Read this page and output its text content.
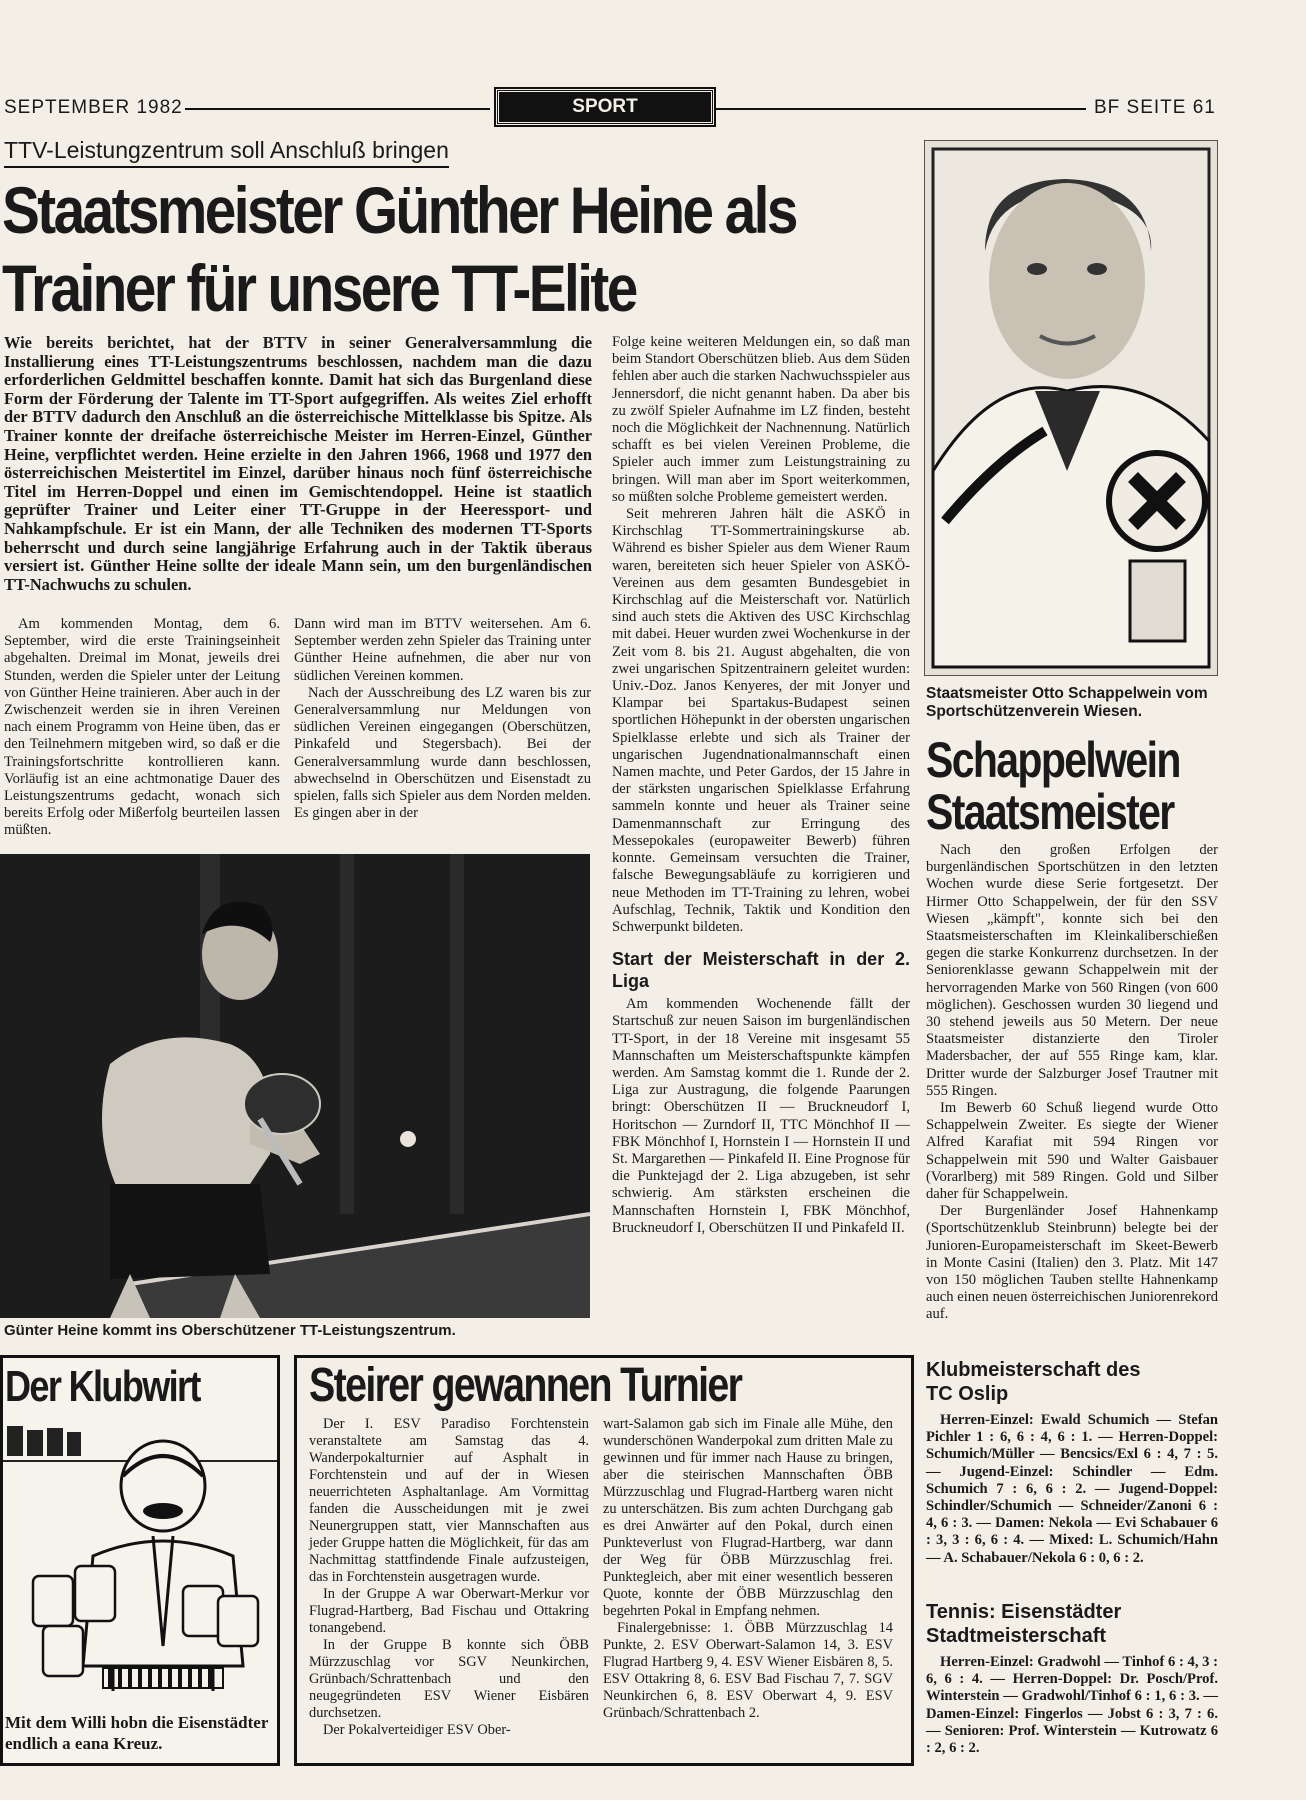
SEPTEMBER 1982	SPORT	BF SEITE 61
TTV-Leistungzentrum soll Anschluß bringen
Staatsmeister Günther Heine als
Trainer für unsere TT-Elite
Wie bereits berichtet, hat der BTTV in seiner Generalversammlung die Installierung eines TT-Leistungszentrums beschlossen, nachdem man die dazu erforderlichen Geldmittel beschaffen konnte. Damit hat sich das Burgenland diese Form der Förderung der Talente im TT-Sport aufgegriffen. Als weites Ziel erhofft der BTTV dadurch den Anschluß an die österreichische Mittelklasse bis Spitze. Als Trainer konnte der dreifache österreichische Meister im Herren-Einzel, Günther Heine, verpflichtet werden. Heine erzielte in den Jahren 1966, 1968 und 1977 den österreichischen Meistertitel im Einzel, darüber hinaus noch fünf österreichische Titel im Herren-Doppel und einen im Gemischtendoppel. Heine ist staatlich geprüfter Trainer und Leiter einer TT-Gruppe in der Heeressport- und Nahkampfschule. Er ist ein Mann, der alle Techniken des modernen TT-Sports beherrscht und durch seine langjährige Erfahrung auch in der Taktik überaus versiert ist. Günther Heine sollte der ideale Mann sein, um den burgenländischen TT-Nachwuchs zu schulen.

Am kommenden Montag, dem 6. September, wird die erste Trainingseinheit abgehalten. Dreimal im Monat, jeweils drei Stunden, werden die Spieler unter der Leitung von Günther Heine trainieren. Aber auch in der Zwischenzeit werden sie in ihren Vereinen nach einem Programm von Heine üben, das er den Teilnehmern mitgeben wird, so daß er die Trainingsfortschritte kontrollieren kann. Vorläufig ist an eine achtmonatige Dauer des Leistungszentrums gedacht, wonach sich bereits Erfolg oder Mißerfolg beurteilen lassen müßten.

Dann wird man im BTTV weitersehen. Am 6. September werden zehn Spieler das Training unter Günther Heine aufnehmen, die aber nur von südlichen Vereinen kommen.

Nach der Ausschreibung des LZ waren bis zur Generalversammlung nur Meldungen von südlichen Vereinen eingegangen (Oberschützen, Pinkafeld und Stegersbach). Bei der Generalversammlung wurde dann beschlossen, abwechselnd in Oberschützen und Eisenstadt zu spielen, falls sich Spieler aus dem Norden melden. Es gingen aber in der

Folge keine weiteren Meldungen ein, so daß man beim Standort Oberschützen blieb. Aus dem Süden fehlen aber auch die starken Nachwuchsspieler aus Jennersdorf, die nicht genannt haben. Da aber bis zu zwölf Spieler Aufnahme im LZ finden, besteht noch die Möglichkeit der Nachnennung. Natürlich schafft es bei vielen Vereinen Probleme, die Spieler auch immer zum Leistungstraining zu bringen. Will man aber im Sport weiterkommen, so müßten solche Probleme gemeistert werden.

Seit mehreren Jahren hält die ASKÖ in Kirchschlag TT-Sommertrainingskurse ab. Während es bisher Spieler aus dem Wiener Raum waren, bereiteten sich heuer Spieler von ASKÖ-Vereinen aus dem gesamten Bundesgebiet in Kirchschlag auf die Meisterschaft vor. Natürlich sind auch stets die Aktiven des USC Kirchschlag mit dabei. Heuer wurden zwei Wochenkurse in der Zeit vom 8. bis 21. August abgehalten, die von zwei ungarischen Spitzentrainern geleitet wurden: Univ.-Doz. Janos Kenyeres, der mit Jonyer und Klampar bei Spartakus-Budapest seinen sportlichen Höhepunkt in der obersten ungarischen Spielklasse erlebte und sich als Trainer der ungarischen Jugendnationalmannschaft einen Namen machte, und Peter Gardos, der 15 Jahre in der stärksten ungarischen Spielklasse Erfahrung sammeln konnte und heuer als Trainer seine Damenmannschaft zur Erringung des Messepokales (europaweiter Bewerb) führen konnte. Gemeinsam versuchten die Trainer, falsche Bewegungsabläufe zu korrigieren und neue Methoden im TT-Training zu lehren, wobei Aufschlag, Technik, Taktik und Kondition den Schwerpunkt bildeten.

Start der Meisterschaft in der 2. Liga

Am kommenden Wochenende fällt der Startschuß zur neuen Saison im burgenländischen TT-Sport, in der 18 Vereine mit insgesamt 55 Mannschaften um Meisterschaftspunkte kämpfen werden. Am Samstag kommt die 1. Runde der 2. Liga zur Austragung, die folgende Paarungen bringt: Oberschützen II — Bruckneudorf I, Horitschon — Zurndorf II, TTC Mönchhof II — FBK Mönchhof I, Hornstein I — Hornstein II und St. Margarethen — Pinkafeld II. Eine Prognose für die Punktejagd der 2. Liga abzugeben, ist sehr schwierig. Am stärksten erscheinen die Mannschaften Hornstein I, FBK Mönchhof, Bruckneudorf I, Oberschützen II und Pinkafeld II.

Günter Heine kommt ins Oberschützener TT-Leistungszentrum.
Staatsmeister Otto Schappelwein vom Sportschützenverein Wiesen.
Schappelwein
Staatsmeister

Nach den großen Erfolgen der burgenländischen Sportschützen in den letzten Wochen wurde diese Serie fortgesetzt. Der Hirmer Otto Schappelwein, der für den SSV Wiesen „kämpft", konnte sich bei den Staatsmeisterschaften im Kleinkaliberschießen gegen die starke Konkurrenz durchsetzen. In der Seniorenklasse gewann Schappelwein mit der hervorragenden Marke von 560 Ringen (von 600 möglichen). Geschossen wurden 30 liegend und 30 stehend jeweils aus 50 Metern. Der neue Staatsmeister distanzierte den Tiroler Madersbacher, der auf 555 Ringe kam, klar. Dritter wurde der Salzburger Josef Trautner mit 555 Ringen.

Im Bewerb 60 Schuß liegend wurde Otto Schappelwein Zweiter. Es siegte der Wiener Alfred Karafiat mit 594 Ringen vor Schappelwein mit 590 und Walter Gaisbauer (Vorarlberg) mit 589 Ringen. Gold und Silber daher für Schappelwein.

Der Burgenländer Josef Hahnenkamp (Sportschützenklub Steinbrunn) belegte bei der Junioren-Europameisterschaft im Skeet-Bewerb in Monte Casini (Italien) den 3. Platz. Mit 147 von 150 möglichen Tauben stellte Hahnenkamp auch einen neuen österreichischen Juniorenrekord auf.

Klubmeisterschaft des TC Oslip

Herren-Einzel: Ewald Schumich — Stefan Pichler 1 : 6, 6 : 4, 6 : 1. — Herren-Doppel: Schumich/Müller — Bencsics/Exl 6 : 4, 7 : 5. — Jugend-Einzel: Schindler — Edm. Schumich 7 : 6, 6 : 2. — Jugend-Doppel: Schindler/Schumich — Schneider/Zanoni 6 : 4, 6 : 3. — Damen: Nekola — Evi Schabauer 6 : 3, 3 : 6, 6 : 4. — Mixed: L. Schumich/Hahn — A. Schabauer/Nekola 6 : 0, 6 : 2.

Tennis: Eisenstädter Stadtmeisterschaft

Herren-Einzel: Gradwohl — Tinhof 6 : 4, 3 : 6, 6 : 4. — Herren-Doppel: Dr. Posch/Prof. Winterstein — Gradwohl/Tinhof 6 : 1, 6 : 3. — Damen-Einzel: Fingerlos — Jobst 6 : 3, 7 : 6. — Senioren: Prof. Winterstein — Kutrowatz 6 : 2, 6 : 2.

Der Klubwirt
Mit dem Willi hobn die Eisenstädter endlich a eana Kreuz.
Steirer gewannen Turnier

Der I. ESV Paradiso Forchtenstein veranstaltete am Samstag das 4. Wanderpokalturnier auf Asphalt in Forchtenstein und auf der in Wiesen neuerrichteten Asphaltanlage. Am Vormittag fanden die Ausscheidungen mit je zwei Neunergruppen statt, vier Mannschaften aus jeder Gruppe hatten die Möglichkeit, für das am Nachmittag stattfindende Finale aufzusteigen, das in Forchtenstein ausgetragen wurde.

In der Gruppe A war Oberwart-Merkur vor Flugrad-Hartberg, Bad Fischau und Ottakring tonangebend.

In der Gruppe B konnte sich ÖBB Mürzzuschlag vor SGV Neunkirchen, Grünbach/Schrattenbach und den neugegründeten ESV Wiener Eisbären durchsetzen.

Der Pokalverteidiger ESV Ober-

wart-Salamon gab sich im Finale alle Mühe, den wunderschönen Wanderpokal zum dritten Male zu gewinnen und für immer nach Hause zu bringen, aber die steirischen Mannschaften ÖBB Mürzzuschlag und Flugrad-Hartberg waren nicht zu unterschätzen. Bis zum achten Durchgang gab es drei Anwärter auf den Pokal, durch einen Punkteverlust von Flugrad-Hartberg, war dann der Weg für ÖBB Mürzzuschlag frei. Punktegleich, aber mit einer wesentlich besseren Quote, konnte der ÖBB Mürzzuschlag den begehrten Pokal in Empfang nehmen.

Finalergebnisse: 1. ÖBB Mürzzuschlag 14 Punkte, 2. ESV Oberwart-Salamon 14, 3. ESV Flugrad Hartberg 9, 4. ESV Wiener Eisbären 8, 5. ESV Ottakring 8, 6. ESV Bad Fischau 7, 7. SGV Neunkirchen 6, 8. ESV Oberwart 4, 9. ESV Grünbach/Schrattenbach 2.
